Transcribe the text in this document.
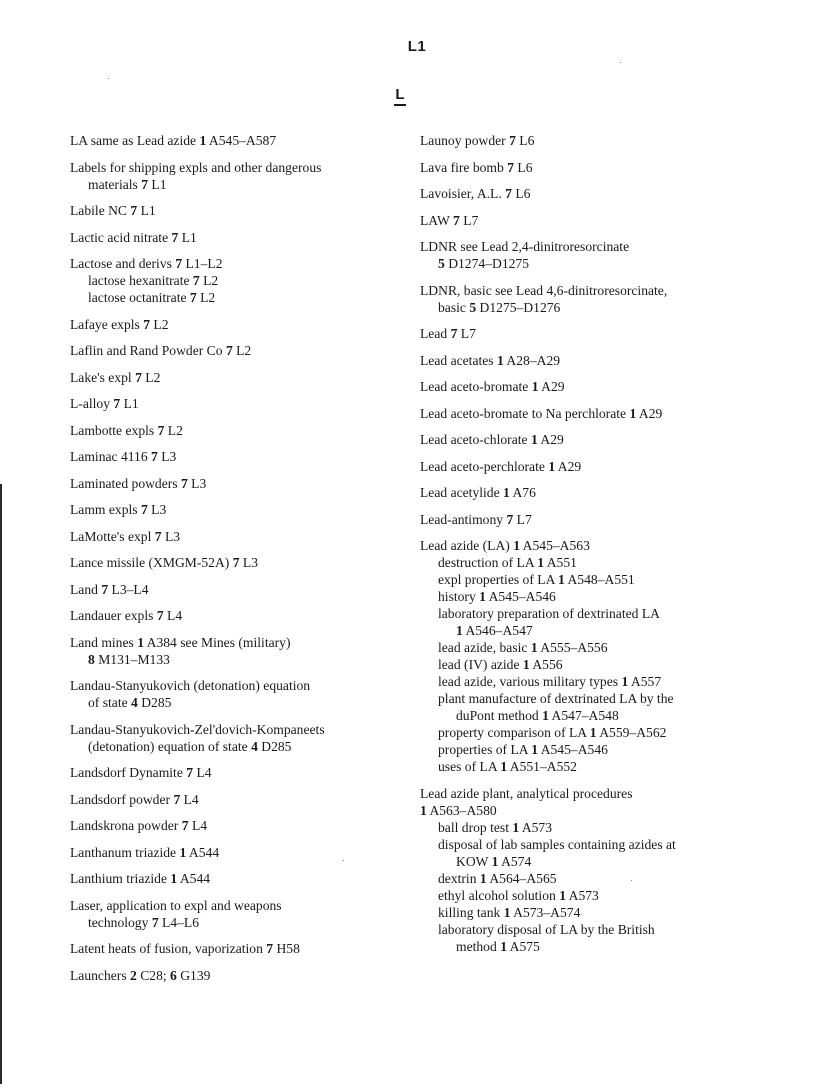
L1
L
LA same as Lead azide 1 A545–A587
Labels for shipping expls and other dangerous
materials 7 L1
Labile NC 7 L1
Lactic acid nitrate 7 L1
Lactose and derivs 7 L1–L2
lactose hexanitrate 7 L2
lactose octanitrate 7 L2
Lafaye expls 7 L2
Laflin and Rand Powder Co 7 L2
Lake's expl 7 L2
L-alloy 7 L1
Lambotte expls 7 L2
Laminac 4116 7 L3
Laminated powders 7 L3
Lamm expls 7 L3
LaMotte's expl 7 L3
Lance missile (XMGM-52A) 7 L3
Land 7 L3–L4
Landauer expls 7 L4
Land mines 1 A384 see Mines (military)
8 M131–M133
Landau-Stanyukovich (detonation) equation
of state 4 D285
Landau-Stanyukovich-Zel'dovich-Kompaneets
(detonation) equation of state 4 D285
Landsdorf Dynamite 7 L4
Landsdorf powder 7 L4
Landskrona powder 7 L4
Lanthanum triazide 1 A544
Lanthium triazide 1 A544
Laser, application to expl and weapons
technology 7 L4–L6
Latent heats of fusion, vaporization 7 H58
Launchers 2 C28; 6 G139
Launoy powder 7 L6
Lava fire bomb 7 L6
Lavoisier, A.L. 7 L6
LAW 7 L7
LDNR see Lead 2,4-dinitroresorcinate
5 D1274–D1275
LDNR, basic see Lead 4,6-dinitroresorcinate,
basic 5 D1275–D1276
Lead 7 L7
Lead acetates 1 A28–A29
Lead aceto-bromate 1 A29
Lead aceto-bromate to Na perchlorate 1 A29
Lead aceto-chlorate 1 A29
Lead aceto-perchlorate 1 A29
Lead acetylide 1 A76
Lead-antimony 7 L7
Lead azide (LA) 1 A545–A563
destruction of LA 1 A551
expl properties of LA 1 A548–A551
history 1 A545–A546
laboratory preparation of dextrinated LA
1 A546–A547
lead azide, basic 1 A555–A556
lead (IV) azide 1 A556
lead azide, various military types 1 A557
plant manufacture of dextrinated LA by the
duPont method 1 A547–A548
property comparison of LA 1 A559–A562
properties of LA 1 A545–A546
uses of LA 1 A551–A552
Lead azide plant, analytical procedures
1 A563–A580
ball drop test 1 A573
disposal of lab samples containing azides at
KOW 1 A574
dextrin 1 A564–A565
ethyl alcohol solution 1 A573
killing tank 1 A573–A574
laboratory disposal of LA by the British
method 1 A575
